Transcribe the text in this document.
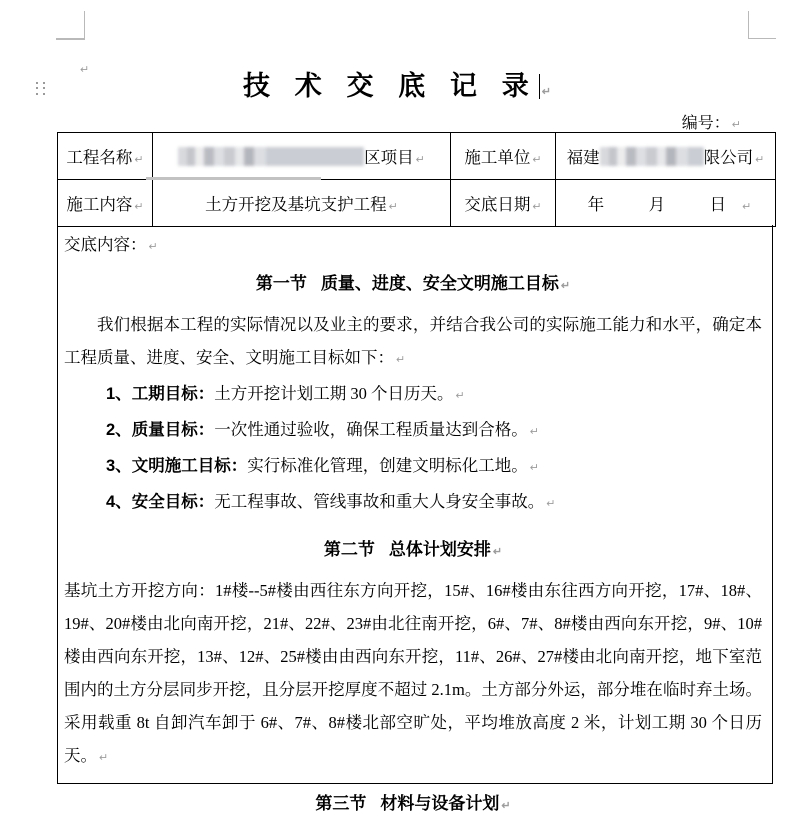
↵
技 术 交 底 记 录 ↵
编号： ↵
工程名称 ↵	区项目 ↵	施工单位 ↵	福建 限公司 ↵
施工内容 ↵	土方开挖及基坑支护工程 ↵	交底日期 ↵	年　月　日 ↵

交底内容： ↵

第一节 质量、进度、安全文明施工目标 ↵

我们根据本工程的实际情况以及业主的要求，并结合我公司的实际施工能力和水平，确定本工程质量、进度、安全、文明施工目标如下： ↵

1、工期目标：土方开挖计划工期 30 个日历天。 ↵
2、质量目标：一次性通过验收，确保工程质量达到合格。 ↵
3、文明施工目标：实行标准化管理，创建文明标化工地。 ↵
4、安全目标：无工程事故、管线事故和重大人身安全事故。 ↵
第二节 总体计划安排 ↵

基坑土方开挖方向：1#楼--5#楼由西往东方向开挖，15#、16#楼由东往西方向开挖，17#、18#、19#、20#楼由北向南开挖，21#、22#、23#由北往南开挖，6#、7#、8#楼由西向东开挖，9#、10#楼由西向东开挖，13#、12#、25#楼由由西向东开挖，11#、26#、27#楼由北向南开挖，地下室范围内的土方分层同步开挖，且分层开挖厚度不超过 2.1m。土方部分外运，部分堆在临时弃土场。采用载重 8t 自卸汽车卸于 6#、7#、8#楼北部空旷处，平均堆放高度 2 米，计划工期 30 个日历天。 ↵

第三节 材料与设备计划 ↵
